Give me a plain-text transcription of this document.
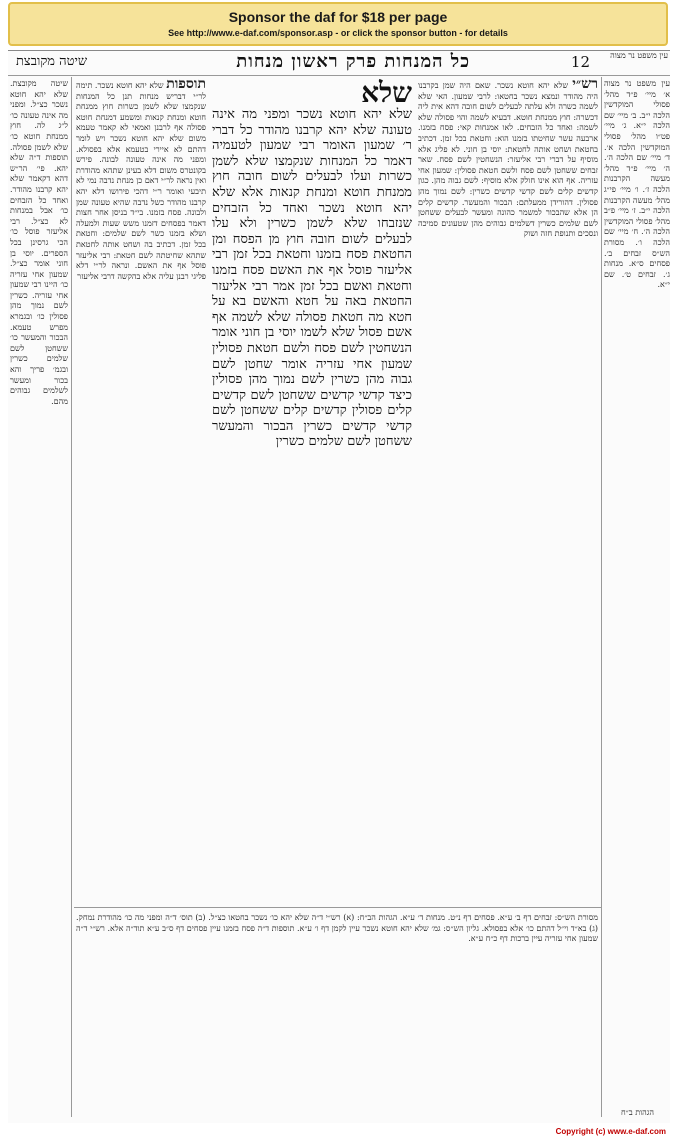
Sponsor the daf for $18 per page
See http://www.e-daf.com/sponsor.asp - or click the sponsor button - for details
עין משפט נר מצוה
12
כל המנחות פרק ראשון מנחות
שיטה מקובצת
עין משפט נר מצוה א׳ מיי׳ פ״ד מהל׳ פסולי המוקדשין הלכה י״ב. ב׳ מיי׳ שם הלכה י״א. ג׳ מיי׳ פט״ו מהל׳ פסולי המוקדשין הלכה א׳. ד׳ מיי׳ שם הלכה ה׳. ה׳ מיי׳ פ״ד מהל׳ מעשה הקרבנות הלכה ז׳. ו׳ מיי׳ פי״ג מהל׳ מעשה הקרבנות הלכה י״ב. ז׳ מיי׳ פ״ב מהל׳ פסולי המוקדשין הלכה ה׳. ח׳ מיי׳ שם הלכה ו׳. מסורת הש״ס זבחים ב׳. פסחים ס״א. מנחות ג׳. זבחים ט׳. שם י״א.
רש״י שלא יהא חוטא נשכר. שאם היה שמן בקרבנו היה מהודר ונמצא נשכר בחטאו: לרבי שמעון. האי שלא לשמה כשרה ולא עלתה לבעלים לשום חובה דהא אית ליה דכשרה: חוץ ממנחת חוטא. דבעיא לשמה והוי פסולה שלא לשמה: ואחד כל הזבחים. לאו אמנחות קאי: פסח בזמנו. ארבעה עשר שחיטתו בזמנו הוא: וחטאת בכל זמן. דכתיב בחטאת ושחט אותה לחטאת: יוסי בן חוני. לא פליג אלא מוסיף על דברי רבי אליעזר: הנשחטין לשם פסח. שאר זבחים ששחטן לשם פסח ולשם חטאת פסולין: שמעון אחי עזריה. אף הוא אינו חולק אלא מוסיף: לשם גבוה מהן. כגון קדשים קלים לשם קדשי קדשים כשרין: לשם נמוך מהן פסולין. דהורידן ממעלתם: הבכור והמעשר. קדשים קלים הן אלא שהבכור למשמר כהונה ומעשר לבעלים ששחטן לשם שלמים כשרין דשלמים גבוהים מהן שטעונים סמיכה ונסכים ותנופת חזה ושוק
שלא
שלא יהא חוטא נשכר ומפני מה אינה טעונה שלא יהא קרבנו מהודר כל דברי ר׳ שמעון האומר רבי שמעון לטעמיה דאמר כל המנחות שנקמצו שלא לשמן כשרות ועלו לבעלים לשום חובה חוץ ממנחת חוטא ומנחת קנאות אלא שלא יהא חוטא נשכר ואחד כל הזבחים שנזבחו שלא לשמן כשרין ולא עלו לבעלים לשום חובה חוץ מן הפסח ומן החטאת פסח בזמנו וחטאת בכל זמן רבי אליעזר פוסל אף את האשם פסח בזמנו וחטאת ואשם בכל זמן אמר רבי אליעזר החטאת באה על חטא והאשם בא על חטא מה חטאת פסולה שלא לשמה אף אשם פסול שלא לשמו יוסי בן חוני אומר הנשחטין לשם פסח ולשם חטאת פסולין שמעון אחי עזריה אומר שחטן לשם גבוה מהן כשרין לשם נמוך מהן פסולין כיצד קדשי קדשים ששחטן לשם קדשים קלים פסולין קדשים קלים ששחטן לשם קדשי קדשים כשרין הבכור והמעשר ששחטן לשם שלמים כשרין
תוספות שלא יהא חוטא נשכר. תימה לר״י דבריש מנחות תנן כל המנחות שנקמצו שלא לשמן כשרות חוץ ממנחת חוטא ומנחת קנאות ומשמע דמנחת חוטא פסולה אף לרבנן ואמאי לא קאמר טעמא משום שלא יהא חוטא נשכר ויש לומר דהתם לא איירי בטעמא אלא בפסולא. ומפני מה אינה טעונה לבונה. פירש בקונטרס משום דלא בעינן שתהא מהודרת ואין נראה לר״י דאם כן מנחת נדבה נמי לא תיבעי ואומר ר״י דהכי פירושו דלא יהא קרבנו מהודר כשל נדבה שהיא טעונה שמן ולבונה. פסח בזמנו. בי״ד בניסן אחר חצות דאמר בפסחים דזמנו משש שעות ולמעלה ושלא בזמנו כשר לשם שלמים: וחטאת בכל זמן. דכתיב בה ושחט אותה לחטאת שתהא שחיטתה לשם חטאת: רבי אליעזר פוסל אף את האשם. ונראה לר״י דלא פליגי רבנן עליה אלא בהקשה דרבי אליעזר
שיטה מקובצת. שלא יהא חוטא נשכר כצ״ל. ומפני מה אינה טעונה כו׳ ל״ג לה. חוץ ממנחת חוטא כו׳ שלא לשמן פסולה. תוספות ד״ה שלא יהא. פי׳ הר״ש דהא דקאמר שלא יהא קרבנו מהודר. ואחד כל הזבחים כו׳ אבל במנחות לא כצ״ל. רבי אליעזר פוסל כו׳ הכי גרסינן בכל הספרים. יוסי בן חוני אומר כצ״ל. שמעון אחי עזריה כו׳ היינו רבי שמעון אחי עזריה. כשרין לשם נמוך מהן פסולין כו׳ ובגמרא מפרש טעמא. הבכור והמעשר כו׳ ששחטן לשם שלמים כשרין ובגמ׳ פריך והא בכור ומעשר לשלמים גבוהים מהם.
מסורת הש״ס: זבחים דף ב׳ ע״א. פסחים דף נ״ט. מנחות ד׳ ע״א. הגהות הב״ח: (א) רש״י ד״ה שלא יהא כו׳ נשכר בחטאו כצ״ל. (ב) תוס׳ ד״ה ומפני מה כו׳ מהודרת נמחק. (ג) בא״ד וי״ל דהתם כו׳ אלא בפסולא. גליון הש״ס: גמ׳ שלא יהא חוטא נשכר עיין לקמן דף ו׳ ע״א. תוספות ד״ה פסח בזמנו עיין פסחים דף ס״ב ע״א תוד״ה אלא. רש״י ד״ה שמעון אחי עזריה עיין ברכות דף כ״ח ע״א.
הגהות ב״ח
Copyright (c) www.e-daf.com
